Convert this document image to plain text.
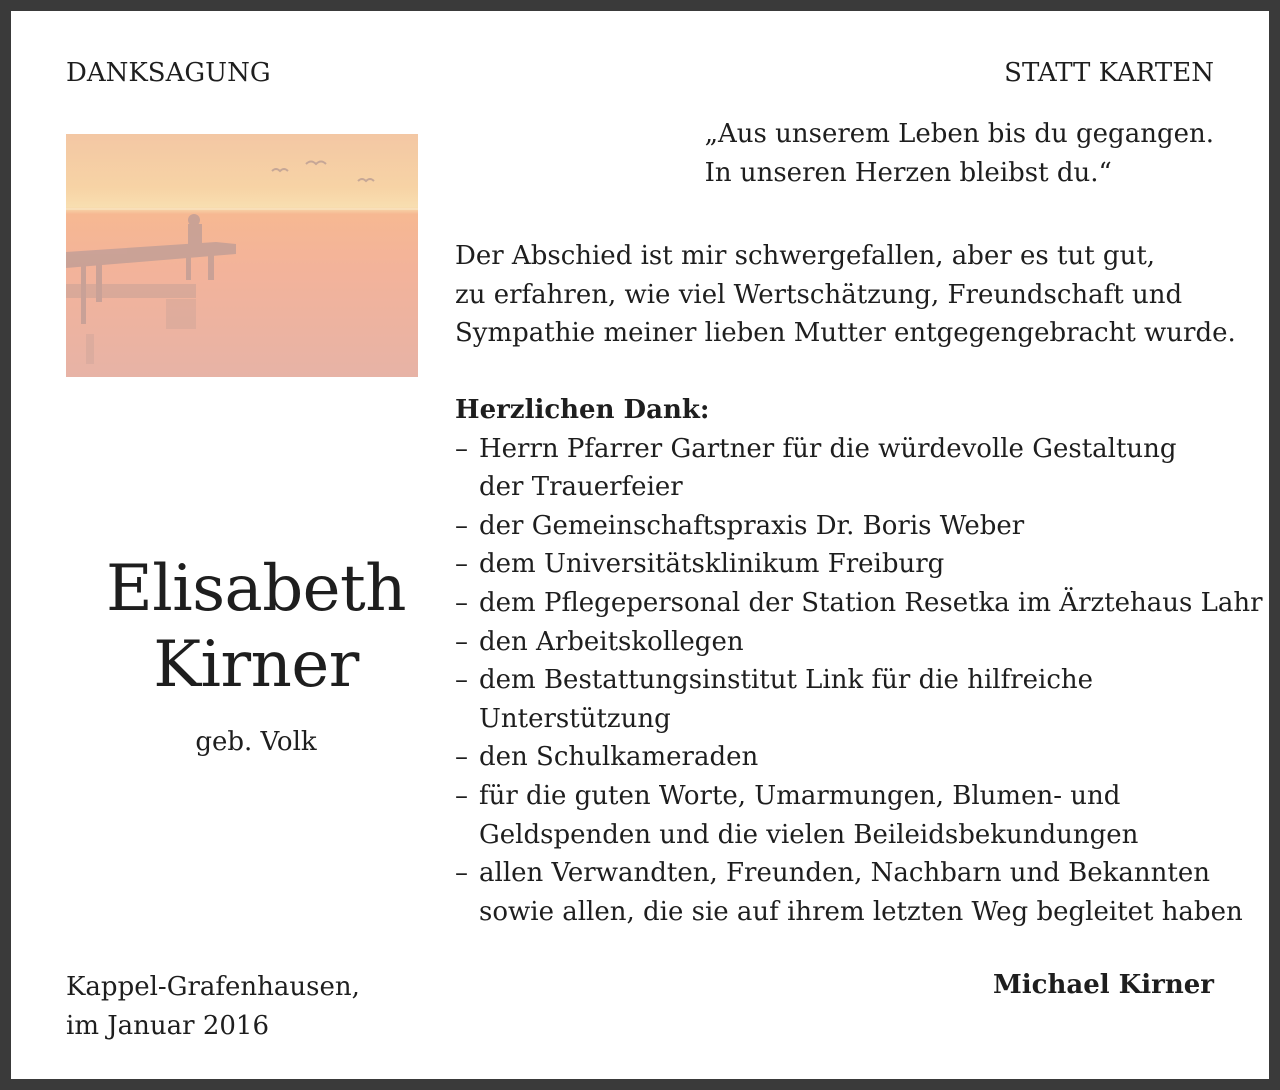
DANKSAGUNG	STATT KARTEN
„Aus unserem Leben bis du gegangen.
In unseren Herzen bleibst du.“
Der Abschied ist mir schwergefallen, aber es tut gut,
zu erfahren, wie viel Wertschätzung, Freundschaft und
Sympathie meiner lieben Mutter entgegengebracht wurde.
Herzlichen Dank:
– Herrn Pfarrer Gartner für die würdevolle Gestaltung
der Trauerfeier
– der Gemeinschaftspraxis Dr. Boris Weber
– dem Universitätsklinikum Freiburg
– dem Pflegepersonal der Station Resetka im Ärztehaus Lahr
– den Arbeitskollegen
– dem Bestattungsinstitut Link für die hilfreiche
Unterstützung
– den Schulkameraden
– für die guten Worte, Umarmungen, Blumen- und
Geldspenden und die vielen Beileidsbekundungen
– allen Verwandten, Freunden, Nachbarn und Bekannten
sowie allen, die sie auf ihrem letzten Weg begleitet haben
Elisabeth
Kirner
geb. Volk
Kappel-Grafenhausen,
im Januar 2016
Michael Kirner
